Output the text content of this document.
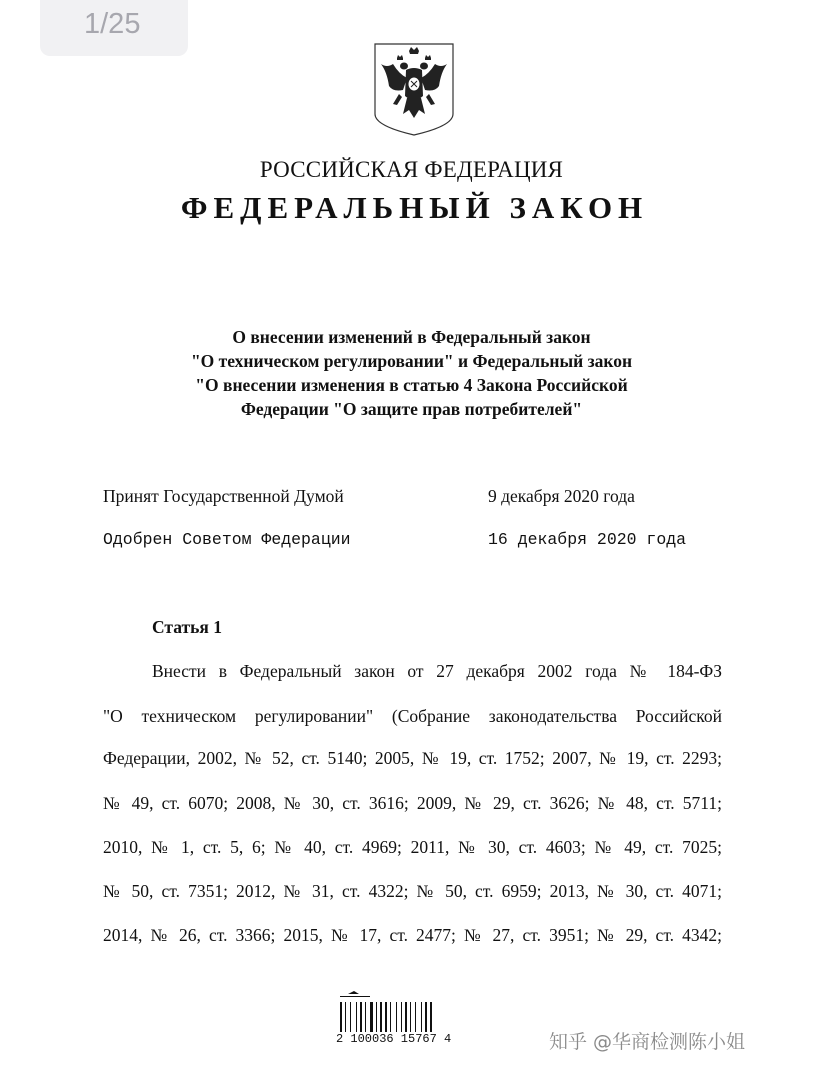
1/25
РОССИЙСКАЯ ФЕДЕРАЦИЯ
ФЕДЕРАЛЬНЫЙ ЗАКОН
О внесении изменений в Федеральный закон
"О техническом регулировании" и Федеральный закон
"О внесении изменения в статью 4 Закона Российской
Федерации "О защите прав потребителей"
Принят Государственной Думой	9 декабря 2020 года
Одобрен Советом Федерации	16 декабря 2020 года
Статья 1
Внести в Федеральный закон от 27 декабря 2002 года № 184-ФЗ
"О техническом регулировании" (Собрание законодательства Российской
Федерации, 2002, № 52, ст. 5140; 2005, № 19, ст. 1752; 2007, № 19, ст. 2293;
№ 49, ст. 6070; 2008, № 30, ст. 3616; 2009, № 29, ст. 3626; № 48, ст. 5711;
2010, № 1, ст. 5, 6; № 40, ст. 4969; 2011, № 30, ст. 4603; № 49, ст. 7025;
№ 50, ст. 7351; 2012, № 31, ст. 4322; № 50, ст. 6959; 2013, № 30, ст. 4071;
2014, № 26, ст. 3366; 2015, № 17, ст. 2477; № 27, ст. 3951; № 29, ст. 4342;
2 100036 15767 4	知乎 @华商检测陈小姐
